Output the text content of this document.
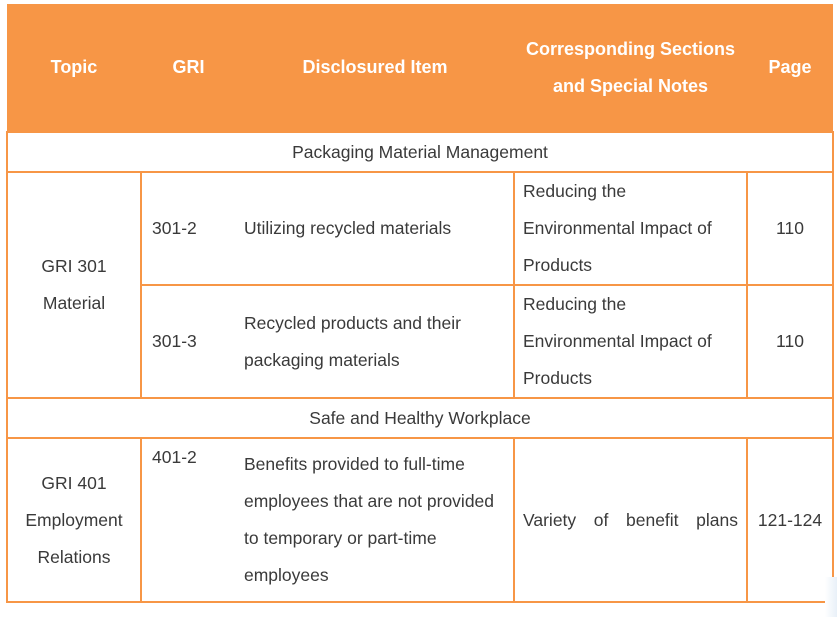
Topic	GRI	Disclosured Item	Corresponding Sections and Special Notes	Page
Packaging Material Management				
GRI 301 Material	301-2	Utilizing recycled materials	Reducing the Environmental Impact of Products	110
	301-3	Recycled products and their packaging materials	Reducing the Environmental Impact of Products	110
Safe and Healthy Workplace				
GRI 401 Employment Relations	401-2	Benefits provided to full-time employees that are not provided to temporary or part-time employees	Variety of benefit plans	121-124
